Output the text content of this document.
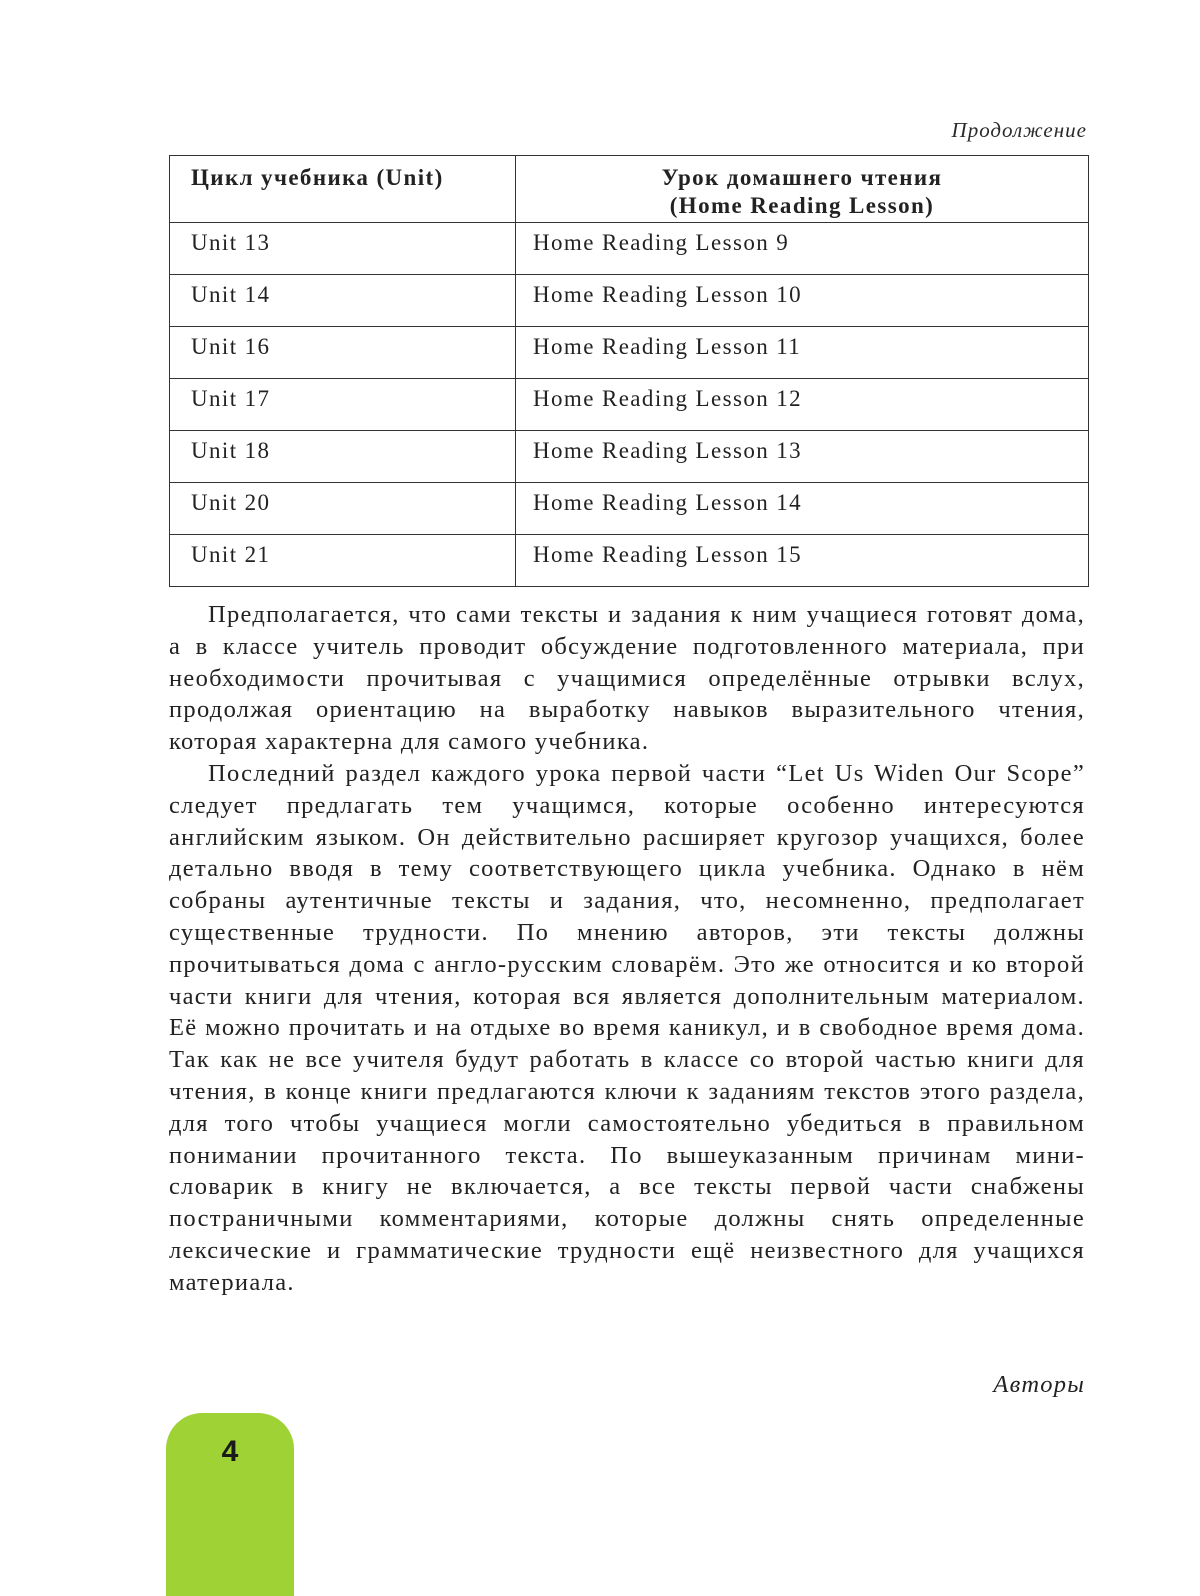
Продолжение
Цикл учебника (Unit)	Урок домашнего чтения
(Home Reading Lesson)
Unit 13	Home Reading Lesson 9
Unit 14	Home Reading Lesson 10
Unit 16	Home Reading Lesson 11
Unit 17	Home Reading Lesson 12
Unit 18	Home Reading Lesson 13
Unit 20	Home Reading Lesson 14
Unit 21	Home Reading Lesson 15

Предполагается, что сами тексты и задания к ним учащиеся готовят дома, а в классе учитель проводит обсуждение подготовленного материала, при необходимости прочитывая с учащимися определённые отрывки вслух, продолжая ориентацию на выработку навыков выразительного чтения, которая характерна для самого учебника.

Последний раздел каждого урока первой части “Let Us Widen Our Scope” следует предлагать тем учащимся, которые особенно интересуются английским языком. Он действительно расширяет кругозор учащихся, более детально вводя в тему соответствующего цикла учебника. Однако в нём собраны аутентичные тексты и задания, что, несомненно, предполагает существенные трудности. По мнению авторов, эти тексты должны прочитываться дома с англо-русским словарём. Это же относится и ко второй части книги для чтения, которая вся является дополнительным материалом. Её можно прочитать и на отдыхе во время каникул, и в свободное время дома. Так как не все учителя будут работать в классе со второй частью книги для чтения, в конце книги предлагаются ключи к заданиям текстов этого раздела, для того чтобы учащиеся могли самостоятельно убедиться в правильном понимании прочитанного текста. По вышеуказанным причинам мини-словарик в книгу не включается, а все тексты первой части снабжены постраничными комментариями, которые должны снять определенные лексические и грамматические трудности ещё неизвестного для учащихся материала.

Авторы
4
